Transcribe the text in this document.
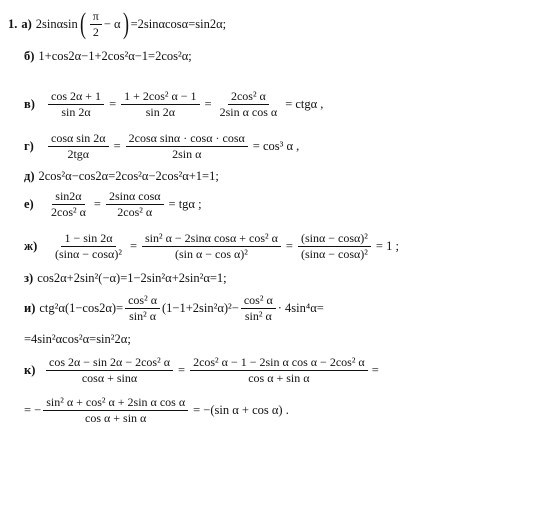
1. а) 2sinαsin ( $\frac{\pi}{2} - \alpha$ ) =2sinαcosα=sin2α;
б) 1+cos2α−1+2cos²α−1=2cos²α;
в)	$\frac{\cos 2\alpha + 1}{\sin 2\alpha} = \frac{\text{1 + 2cos² α − 1}}{\sin 2\alpha} = \frac{\text{2cos² α}}{\text{2sin α cos α}} = ctg\alpha$ ,
г)	$\frac{\text{cosα sin 2α}}{\text{2tgα}} = \frac{\text{2cosα sinα · cosα · cosα}}{\text{2sin α}} = \cos^3$ α ,
д) 2cos²α−cos2α=2cos²α−2cos²α+1=1;
е)	$\frac{\sin 2\alpha}{\text{2cos² α}} = \frac{\text{2sinα cosα}}{\text{2cos² α}} = tg\alpha$ ;
ж)	$\frac{1 - \sin 2\alpha}{\text{(sinα − cosα)²}} = \frac{\text{sin² α − 2sinα cosα + cos² α}}{\text{(sin α − cos α)²}} = \frac{\text{(sinα − cosα)²}}{\text{(sinα − cosα)²}} = 1$ ;
з) cos2α+2sin²(−α)=1−2sin²α+2sin²α=1;
и) $ctg^2\alpha(1-\cos 2\alpha)= \frac{\text{cos² α}}{\text{sin² α}} (1-1+2\sin^2\alpha)^2- \frac{\text{cos² α}}{\text{sin² α}} \cdot 4\sin^4\alpha=$
=4sin²αcos²α=sin²2α;
$к) \frac{\text{cos 2α − sin 2α − 2cos² α}}{\cos\alpha + \sin\alpha} = \frac{\text{2cos² α − 1 − 2sin α cos α − 2cos² α}}{\text{cos α + sin α}}$ =
= − $\frac{\text{sin² α + cos² α + 2sin α cos α}}{\text{cos α + sin α}} = -(\sin$ α + cos α) .
